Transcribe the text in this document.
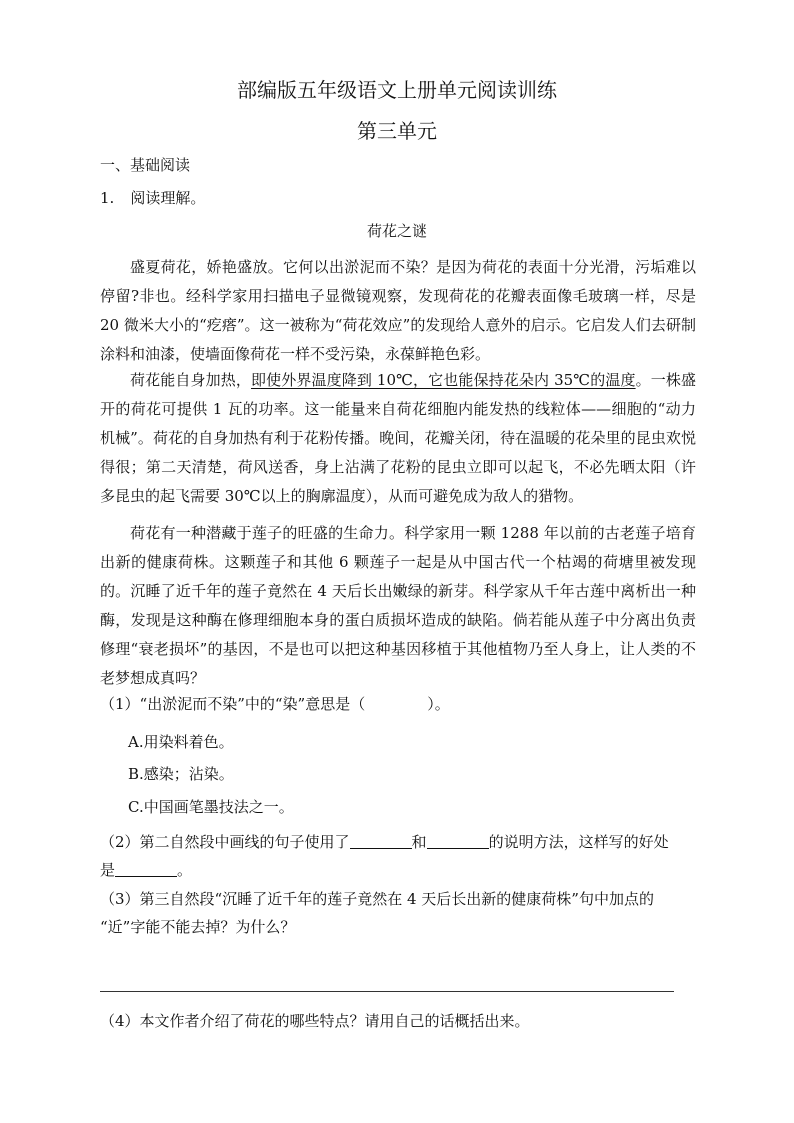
部编版五年级语文上册单元阅读训练
第三单元
一、基础阅读
1. 阅读理解。
荷花之谜
盛夏荷花，娇艳盛放。它何以出淤泥而不染？是因为荷花的表面十分光滑，污垢难以停留?非也。经科学家用扫描电子显微镜观察，发现荷花的花瓣表面像毛玻璃一样，尽是 20 微米大小的“疙瘩”。这一被称为“荷花效应”的发现给人意外的启示。它启发人们去研制涂料和油漆，使墙面像荷花一样不受污染，永葆鲜艳色彩。
荷花能自身加热，即使外界温度降到 10℃，它也能保持花朵内 35℃的温度。一株盛开的荷花可提供 1 瓦的功率。这一能量来自荷花细胞内能发热的线粒体——细胞的“动力机械”。荷花的自身加热有利于花粉传播。晚间，花瓣关闭，待在温暖的花朵里的昆虫欢悦得很；第二天清楚，荷风送香，身上沾满了花粉的昆虫立即可以起飞，不必先晒太阳（许多昆虫的起飞需要 30℃以上的胸廓温度），从而可避免成为敌人的猎物。
荷花有一种潜藏于莲子的旺盛的生命力。科学家用一颗 1288 年以前的古老莲子培育出新的健康荷株。这颗莲子和其他 6 颗莲子一起是从中国古代一个枯竭的荷塘里被发现的。沉睡了近千年的莲子竟然在 4 天后长出嫩绿的新芽。科学家从千年古莲中离析出一种酶，发现是这种酶在修理细胞本身的蛋白质损坏造成的缺陷。倘若能从莲子中分离出负责修理“衰老损坏”的基因，不是也可以把这种基因移植于其他植物乃至人身上，让人类的不老梦想成真吗？
（1）“出淤泥而不染”中的“染”意思是（	）。
A.用染料着色。
B.感染；沾染。
C.中国画笔墨技法之一。
（2）第二自然段中画线的句子使用了	和	的说明方法，这样写的好处
是	。
（3）第三自然段“沉睡了近千年的莲子竟然在 4 天后长出新的健康荷株”句中加点的
“近”字能不能去掉？为什么？
（4）本文作者介绍了荷花的哪些特点？请用自己的话概括出来。
